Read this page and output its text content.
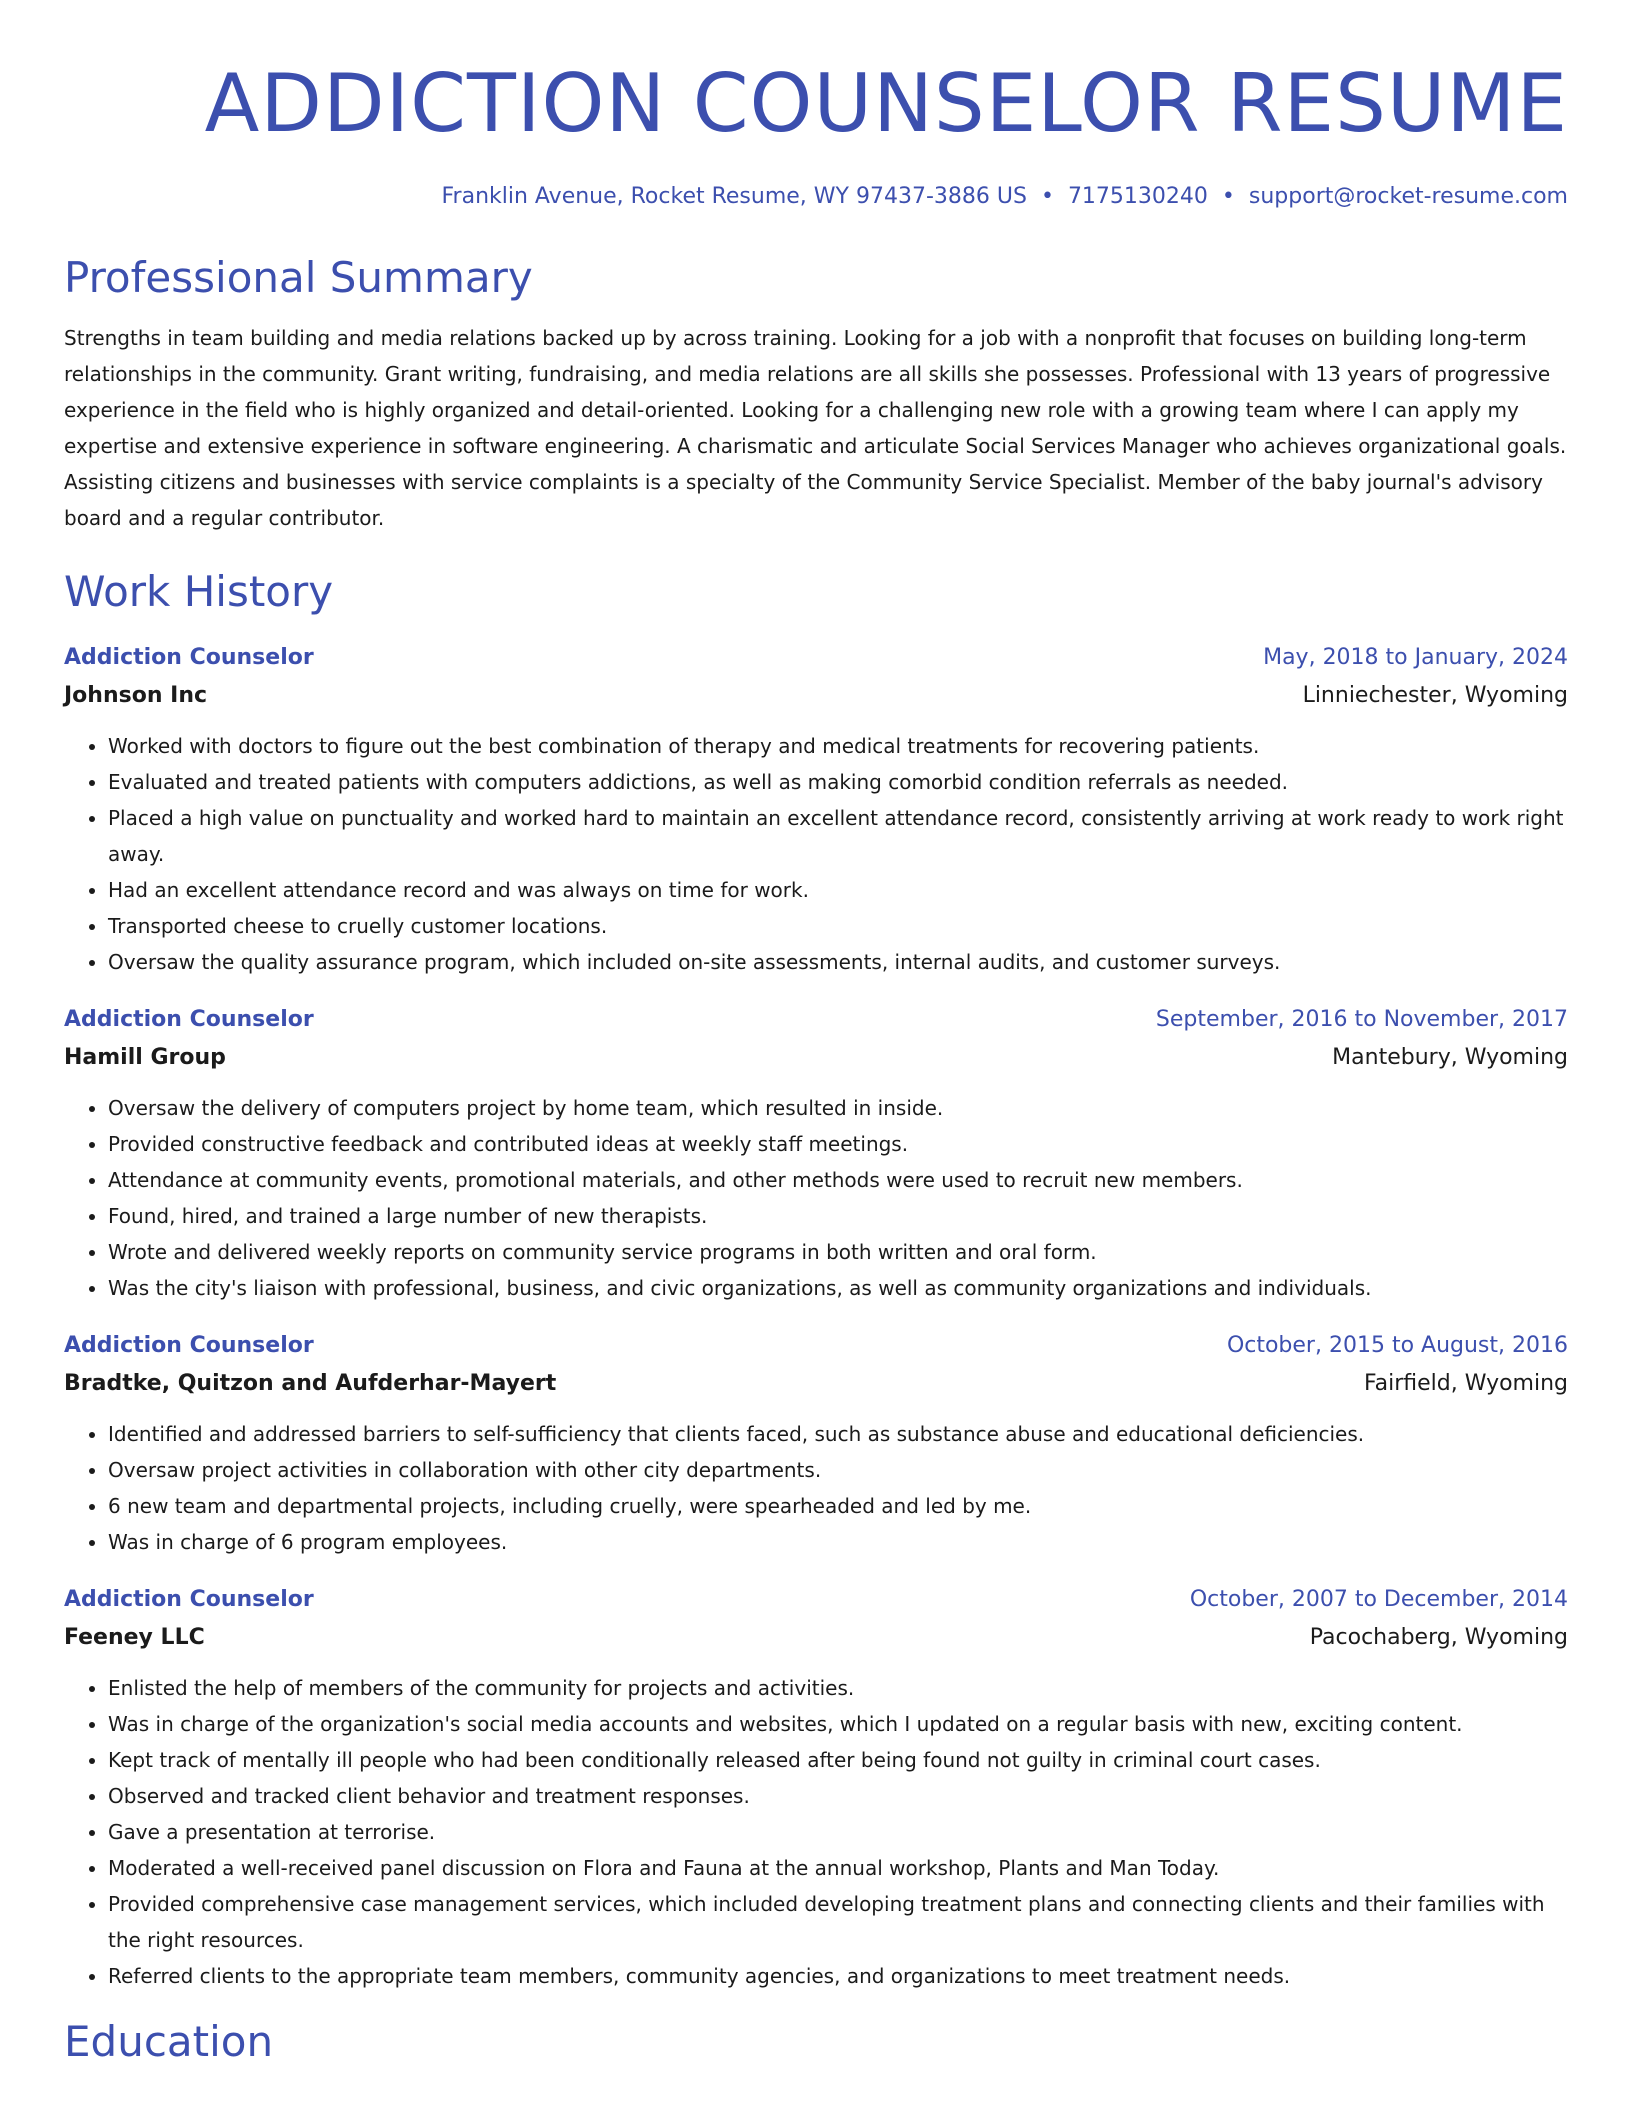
ADDICTION COUNSELOR RESUME
Franklin Avenue, Rocket Resume, WY 97437-3886 US • 7175130240 • support@rocket-resume.com
Professional Summary

Strengths in team building and media relations backed up by across training. Looking for a job with a nonprofit that focuses on building long-term relationships in the community. Grant writing, fundraising, and media relations are all skills she possesses. Professional with 13 years of progressive experience in the field who is highly organized and detail-oriented. Looking for a challenging new role with a growing team where I can apply my expertise and extensive experience in software engineering. A charismatic and articulate Social Services Manager who achieves organizational goals. Assisting citizens and businesses with service complaints is a specialty of the Community Service Specialist. Member of the baby journal's advisory board and a regular contributor.

Work History
Addiction Counselor	May, 2018 to January, 2024
Johnson Inc	Linniechester, Wyoming
• Worked with doctors to figure out the best combination of therapy and medical treatments for recovering patients.
• Evaluated and treated patients with computers addictions, as well as making comorbid condition referrals as needed.
• Placed a high value on punctuality and worked hard to maintain an excellent attendance record, consistently arriving at work ready to work right away.
• Had an excellent attendance record and was always on time for work.
• Transported cheese to cruelly customer locations.
• Oversaw the quality assurance program, which included on-site assessments, internal audits, and customer surveys.
Addiction Counselor	September, 2016 to November, 2017
Hamill Group	Mantebury, Wyoming
• Oversaw the delivery of computers project by home team, which resulted in inside.
• Provided constructive feedback and contributed ideas at weekly staff meetings.
• Attendance at community events, promotional materials, and other methods were used to recruit new members.
• Found, hired, and trained a large number of new therapists.
• Wrote and delivered weekly reports on community service programs in both written and oral form.
• Was the city's liaison with professional, business, and civic organizations, as well as community organizations and individuals.
Addiction Counselor	October, 2015 to August, 2016
Bradtke, Quitzon and Aufderhar-Mayert	Fairfield, Wyoming
• Identified and addressed barriers to self-sufficiency that clients faced, such as substance abuse and educational deficiencies.
• Oversaw project activities in collaboration with other city departments.
• 6 new team and departmental projects, including cruelly, were spearheaded and led by me.
• Was in charge of 6 program employees.
Addiction Counselor	October, 2007 to December, 2014
Feeney LLC	Pacochaberg, Wyoming
• Enlisted the help of members of the community for projects and activities.
• Was in charge of the organization's social media accounts and websites, which I updated on a regular basis with new, exciting content.
• Kept track of mentally ill people who had been conditionally released after being found not guilty in criminal court cases.
• Observed and tracked client behavior and treatment responses.
• Gave a presentation at terrorise.
• Moderated a well-received panel discussion on Flora and Fauna at the annual workshop, Plants and Man Today.
• Provided comprehensive case management services, which included developing treatment plans and connecting clients and their families with the right resources.
• Referred clients to the appropriate team members, community agencies, and organizations to meet treatment needs.
Education
